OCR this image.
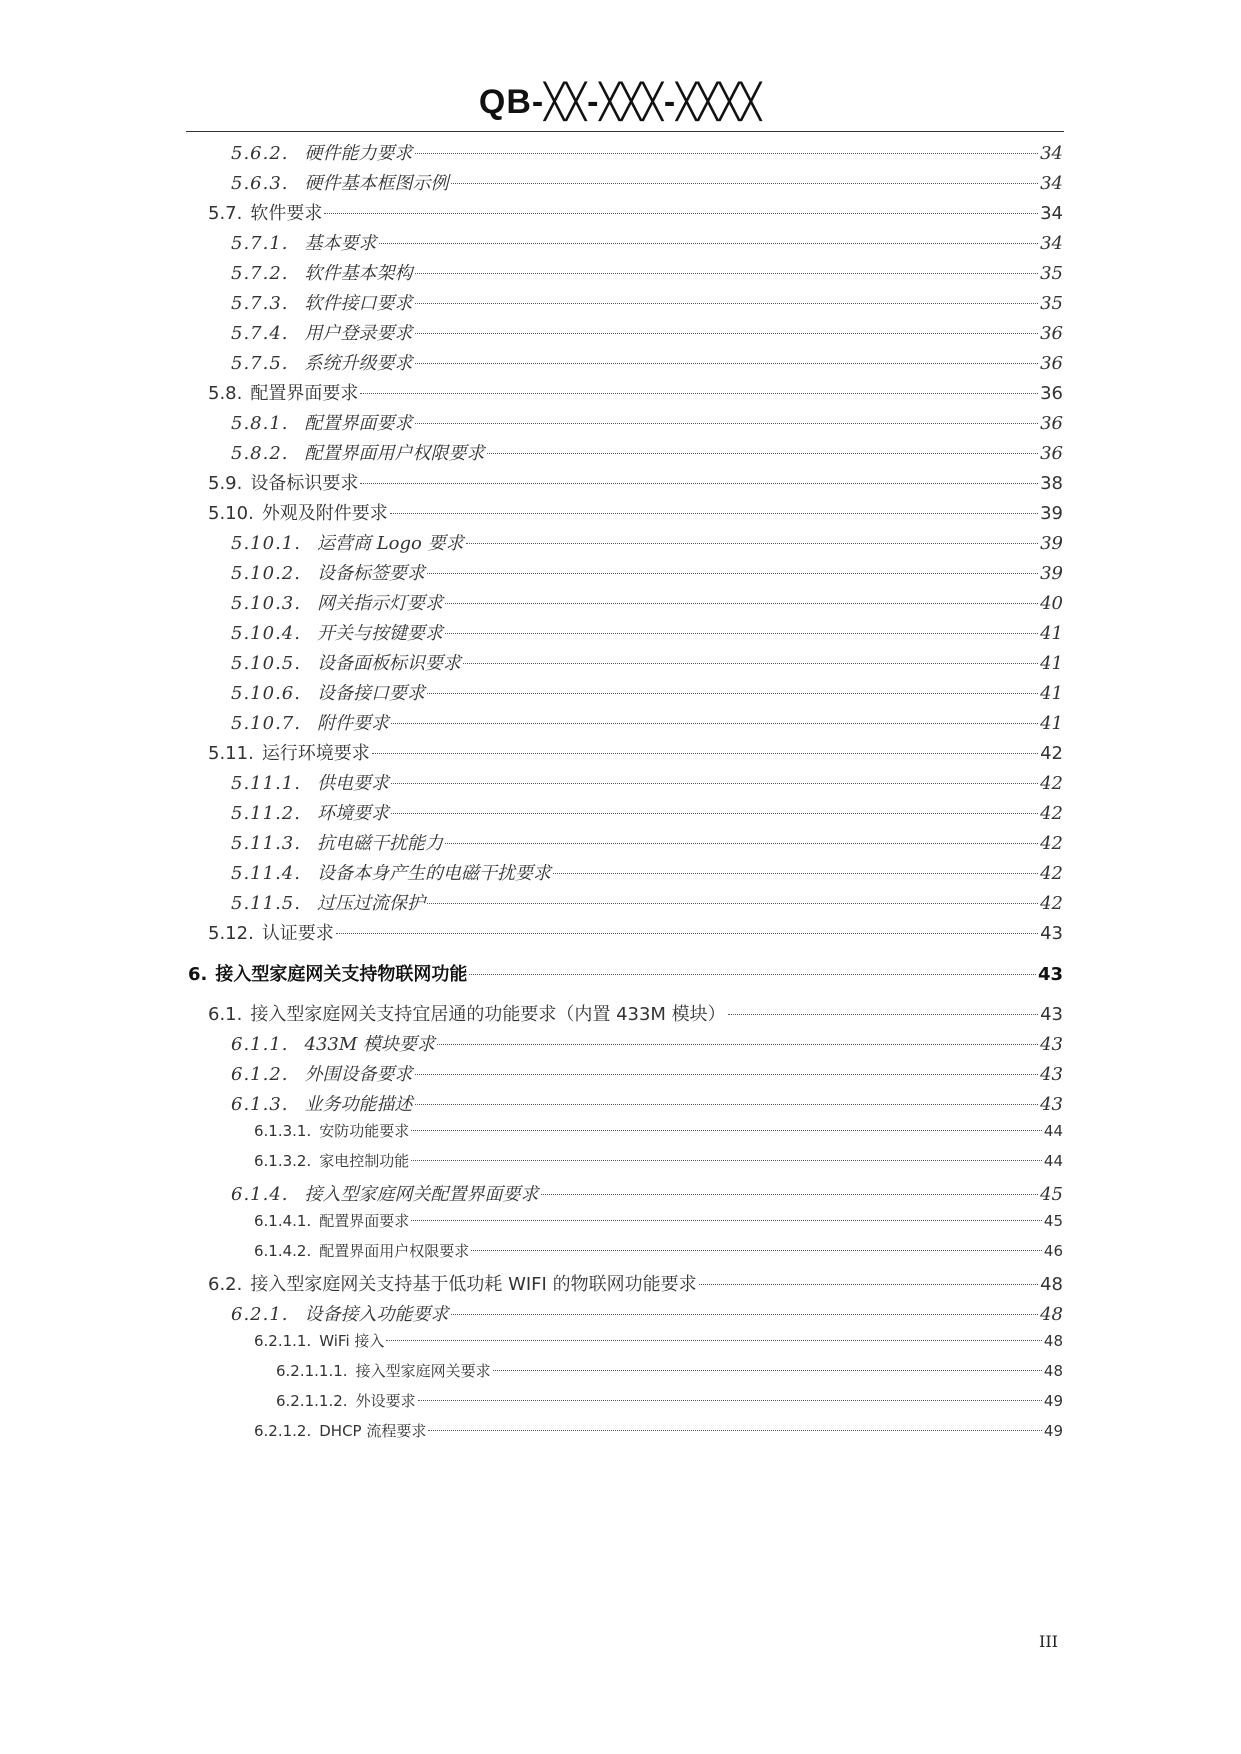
QB-╳╳-╳╳╳-╳╳╳╳
5.6.2. 硬件能力要求	34
5.6.3. 硬件基本框图示例	34
5.7. 软件要求	34
5.7.1. 基本要求	34
5.7.2. 软件基本架构	35
5.7.3. 软件接口要求	35
5.7.4. 用户登录要求	36
5.7.5. 系统升级要求	36
5.8. 配置界面要求	36
5.8.1. 配置界面要求	36
5.8.2. 配置界面用户权限要求	36
5.9. 设备标识要求	38
5.10. 外观及附件要求	39
5.10.1. 运营商 Logo 要求	39
5.10.2. 设备标签要求	39
5.10.3. 网关指示灯要求	40
5.10.4. 开关与按键要求	41
5.10.5. 设备面板标识要求	41
5.10.6. 设备接口要求	41
5.10.7. 附件要求	41
5.11. 运行环境要求	42
5.11.1. 供电要求	42
5.11.2. 环境要求	42
5.11.3. 抗电磁干扰能力	42
5.11.4. 设备本身产生的电磁干扰要求	42
5.11.5. 过压过流保护	42
5.12. 认证要求	43
6. 接入型家庭网关支持物联网功能	43
6.1. 接入型家庭网关支持宜居通的功能要求（内置 433M 模块）	43
6.1.1. 433M 模块要求	43
6.1.2. 外围设备要求	43
6.1.3. 业务功能描述	43
6.1.3.1. 安防功能要求	44
6.1.3.2. 家电控制功能	44
6.1.4. 接入型家庭网关配置界面要求	45
6.1.4.1. 配置界面要求	45
6.1.4.2. 配置界面用户权限要求	46
6.2. 接入型家庭网关支持基于低功耗 WIFI 的物联网功能要求	48
6.2.1. 设备接入功能要求	48
6.2.1.1. WiFi 接入	48
6.2.1.1.1. 接入型家庭网关要求	48
6.2.1.1.2. 外设要求	49
6.2.1.2. DHCP 流程要求	49
III
